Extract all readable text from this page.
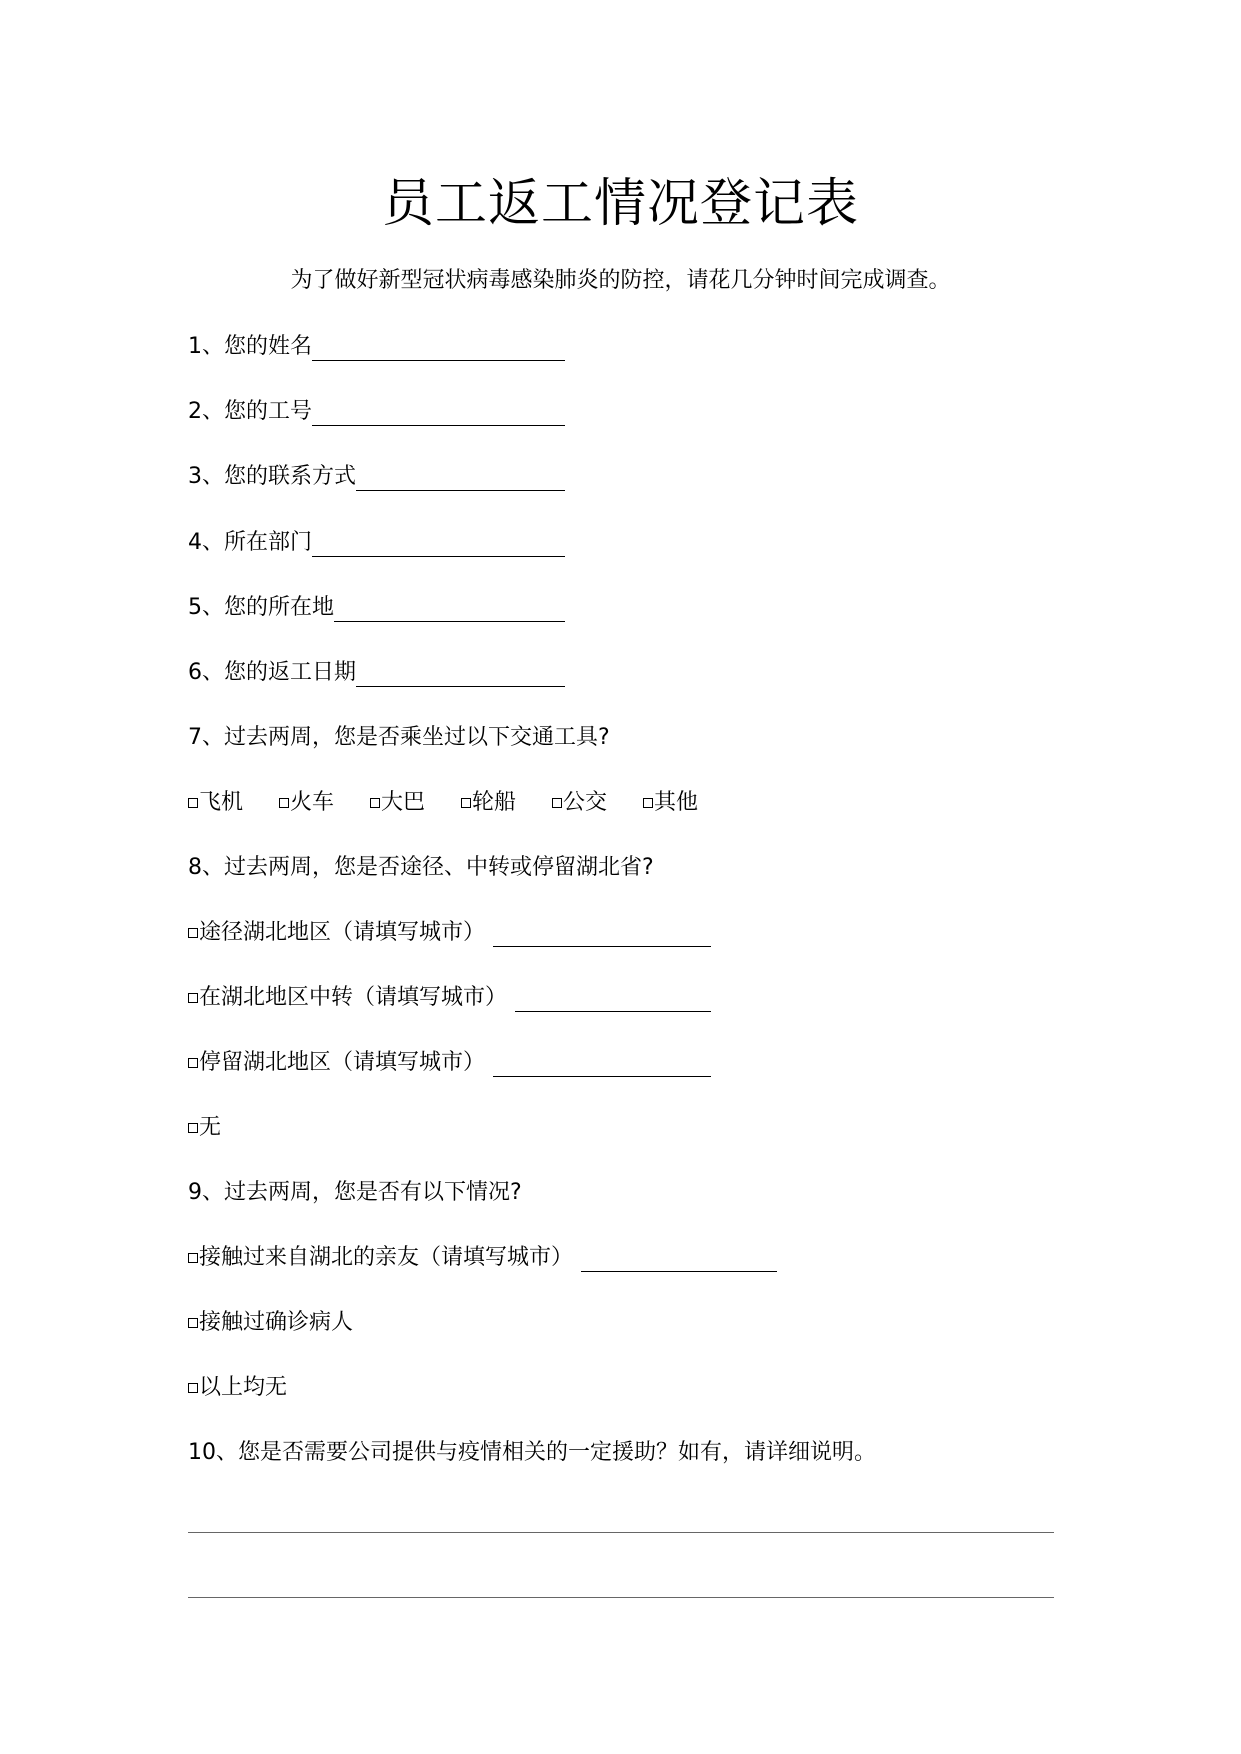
员工返工情况登记表
为了做好新型冠状病毒感染肺炎的防控，请花几分钟时间完成调查。
1、您的姓名
2、您的工号
3、您的联系方式
4、所在部门
5、您的所在地
6、您的返工日期
7、过去两周，您是否乘坐过以下交通工具?
飞机 火车 大巴 轮船 公交 其他
8、过去两周，您是否途径、中转或停留湖北省?
途径湖北地区（请填写城市）
在湖北地区中转（请填写城市）
停留湖北地区（请填写城市）
无
9、过去两周，您是否有以下情况?
接触过来自湖北的亲友（请填写城市）
接触过确诊病人
以上均无
10、您是否需要公司提供与疫情相关的一定援助？如有，请详细说明。
